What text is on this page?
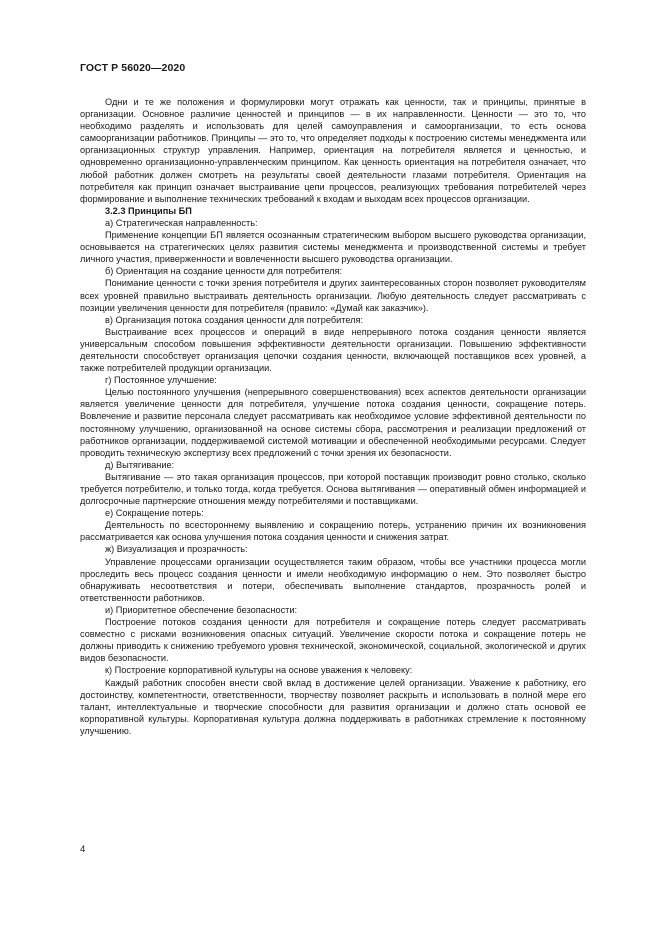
ГОСТ Р 56020—2020

Одни и те же положения и формулировки могут отражать как ценности, так и принципы, принятые в организации. Основное различие ценностей и принципов — в их направленности. Ценности — это то, что необходимо разделять и использовать для целей самоуправления и самоорганизации, то есть основа самоорганизации работников. Принципы — это то, что определяет подходы к построению системы менеджмента или организационных структур управления. Например, ориентация на потребителя является и ценностью, и одновременно организационно-управленческим принципом. Как ценность ориентация на потребителя означает, что любой работник должен смотреть на результаты своей деятельности глазами потребителя. Ориентация на потребителя как принцип означает выстраивание цепи процессов, реализующих требования потребителей через формирование и выполнение технических требований к входам и выходам всех процессов организации.

3.2.3 Принципы БП

а) Стратегическая направленность:

Применение концепции БП является осознанным стратегическим выбором высшего руководства организации, основывается на стратегических целях развития системы менеджмента и производственной системы и требует личного участия, приверженности и вовлеченности высшего руководства организации.

б) Ориентация на создание ценности для потребителя:

Понимание ценности с точки зрения потребителя и других заинтересованных сторон позволяет руководителям всех уровней правильно выстраивать деятельность организации. Любую деятельность следует рассматривать с позиции увеличения ценности для потребителя (правило: «Думай как заказчик»).

в) Организация потока создания ценности для потребителя:

Выстраивание всех процессов и операций в виде непрерывного потока создания ценности является универсальным способом повышения эффективности деятельности организации. Повышению эффективности деятельности способствует организация цепочки создания ценности, включающей поставщиков всех уровней, а также потребителей продукции организации.

г) Постоянное улучшение:

Целью постоянного улучшения (непрерывного совершенствования) всех аспектов деятельности организации является увеличение ценности для потребителя, улучшение потока создания ценности, сокращение потерь. Вовлечение и развитие персонала следует рассматривать как необходимое условие эффективной деятельности по постоянному улучшению, организованной на основе системы сбора, рассмотрения и реализации предложений от работников организации, поддерживаемой системой мотивации и обеспеченной необходимыми ресурсами. Следует проводить техническую экспертизу всех предложений с точки зрения их безопасности.

д) Вытягивание:

Вытягивание — это такая организация процессов, при которой поставщик производит ровно столько, сколько требуется потребителю, и только тогда, когда требуется. Основа вытягивания — оперативный обмен информацией и долгосрочные партнерские отношения между потребителями и поставщиками.

е) Сокращение потерь:

Деятельность по всестороннему выявлению и сокращению потерь, устранению причин их возникновения рассматривается как основа улучшения потока создания ценности и снижения затрат.

ж) Визуализация и прозрачность:

Управление процессами организации осуществляется таким образом, чтобы все участники процесса могли проследить весь процесс создания ценности и имели необходимую информацию о нем. Это позволяет быстро обнаруживать несоответствия и потери, обеспечивать выполнение стандартов, прозрачность ролей и ответственности работников.

и) Приоритетное обеспечение безопасности:

Построение потоков создания ценности для потребителя и сокращение потерь следует рассматривать совместно с рисками возникновения опасных ситуаций. Увеличение скорости потока и сокращение потерь не должны приводить к снижению требуемого уровня технической, экономической, социальной, экологической и других видов безопасности.

к) Построение корпоративной культуры на основе уважения к человеку:

Каждый работник способен внести свой вклад в достижение целей организации. Уважение к работнику, его достоинству, компетентности, ответственности, творчеству позволяет раскрыть и использовать в полной мере его талант, интеллектуальные и творческие способности для развития организации и должно стать основой ее корпоративной культуры. Корпоративная культура должна поддерживать в работниках стремление к постоянному улучшению.

4
